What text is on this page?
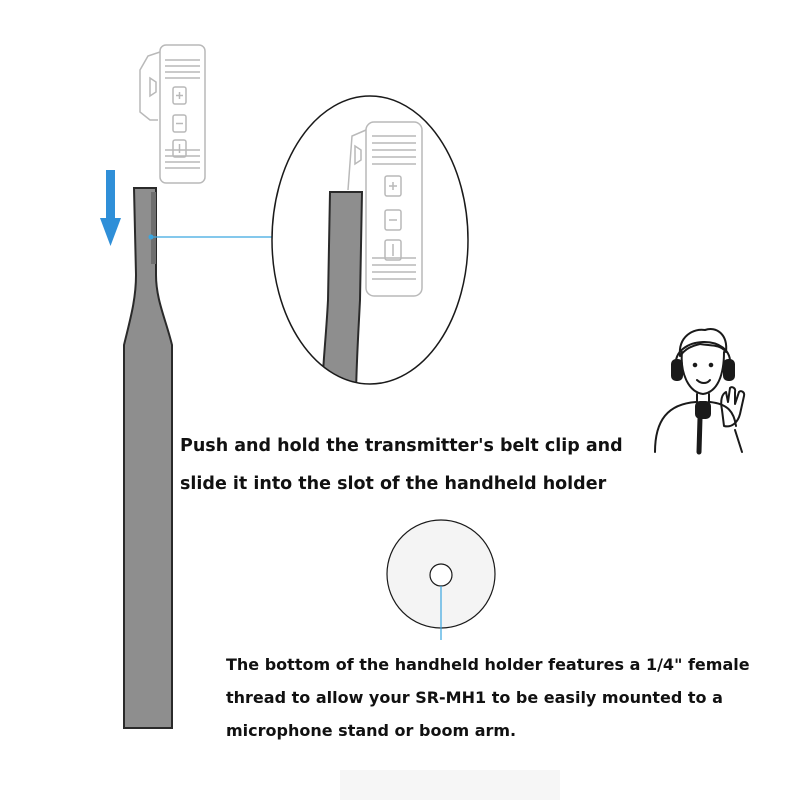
Push and hold the transmitter's belt clip and
slide it into the slot of the handheld holder

The bottom of the handheld holder features a 1/4" female
thread to allow your SR-MH1 to be easily mounted to a
microphone stand or boom arm.
